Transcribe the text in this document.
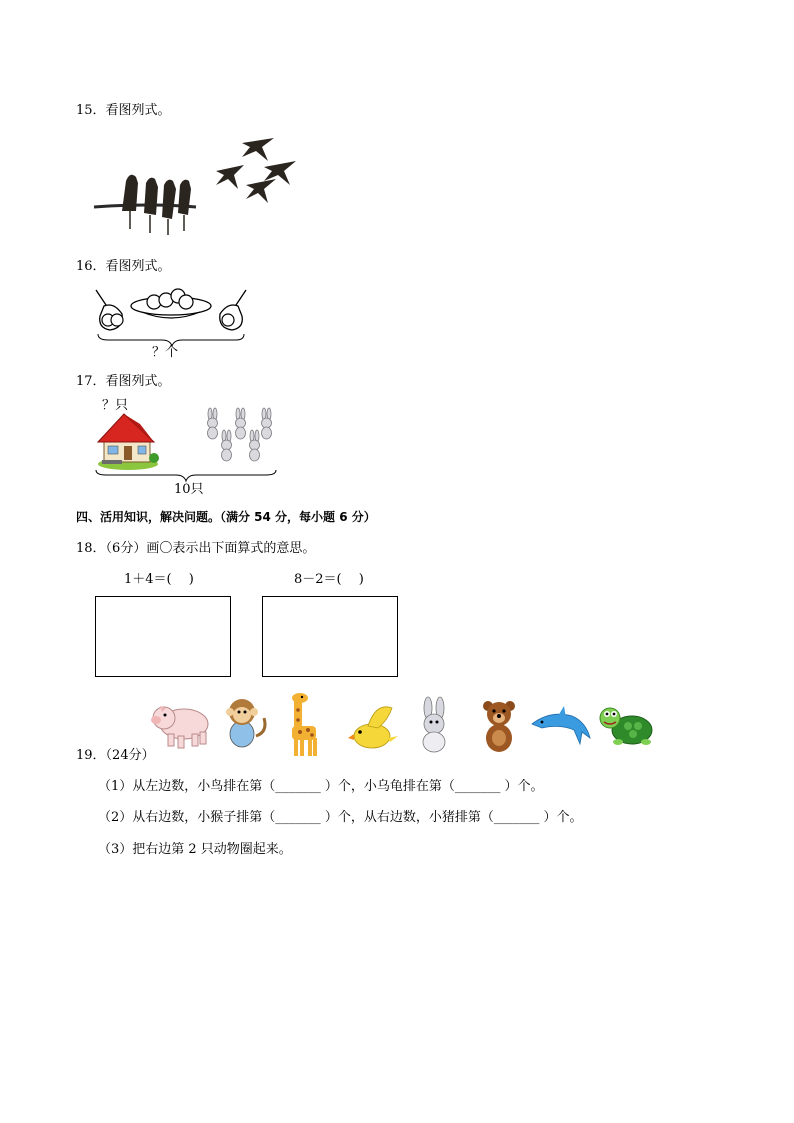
15．看图列式。
16．看图列式。
？个
17．看图列式。
？只
10只
四、活用知识，解决问题。（满分 54 分，每小题 6 分）
18．（6分）画〇表示出下面算式的意思。
1＋4＝(　 )	8－2＝(　 )
19．（24分）
（1）从左边数，小鸟排在第（_______ ）个，小乌龟排在第（_______ ）个。
（2）从右边数，小猴子排第（_______ ）个，从右边数，小猪排第（_______ ）个。
（3）把右边第 2 只动物圈起来。
